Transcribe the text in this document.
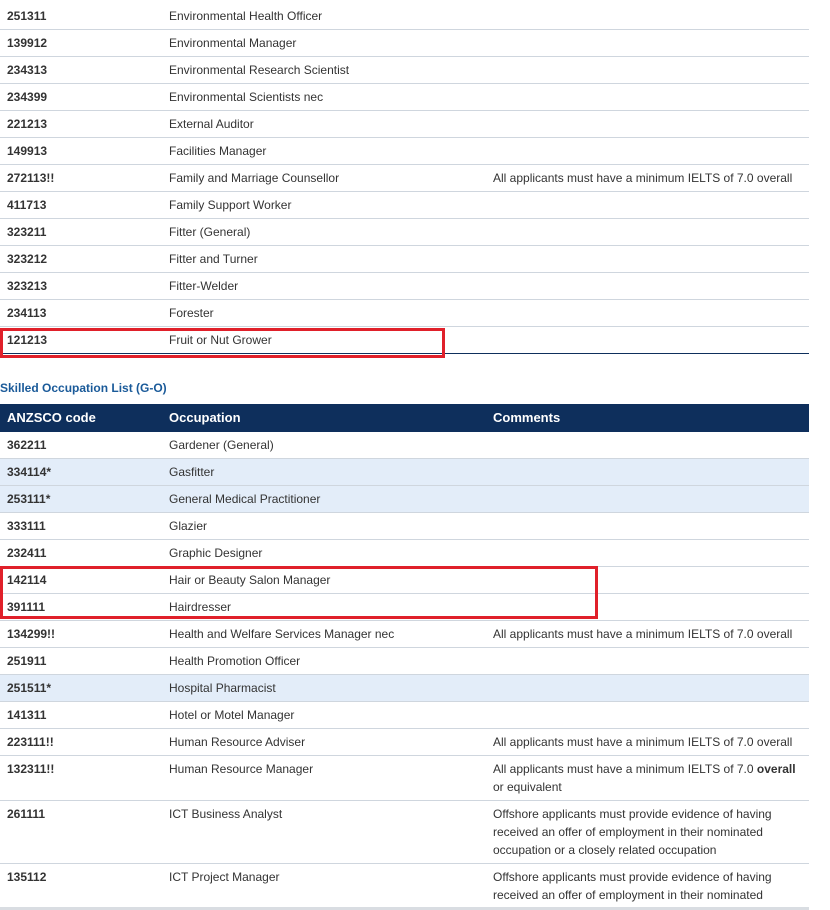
251311	Environmental Health Officer
139912	Environmental Manager
234313	Environmental Research Scientist
234399	Environmental Scientists nec
221213	External Auditor
149913	Facilities Manager
272113!!	Family and Marriage Counsellor	All applicants must have a minimum IELTS of 7.0 overall
411713	Family Support Worker
323211	Fitter (General)
323212	Fitter and Turner
323213	Fitter-Welder
234113	Forester
121213	Fruit or Nut Grower
Skilled Occupation List (G-O)
ANZSCO code	Occupation	Comments
362211	Gardener (General)
334114*	Gasfitter
253111*	General Medical Practitioner
333111	Glazier
232411	Graphic Designer
142114	Hair or Beauty Salon Manager
391111	Hairdresser
134299!!	Health and Welfare Services Manager nec	All applicants must have a minimum IELTS of 7.0 overall
251911	Health Promotion Officer
251511*	Hospital Pharmacist
141311	Hotel or Motel Manager
223111!!	Human Resource Adviser	All applicants must have a minimum IELTS of 7.0 overall
132311!!	Human Resource Manager	All applicants must have a minimum IELTS of 7.0 overall
or equivalent
261111	ICT Business Analyst	Offshore applicants must provide evidence of having received an offer of employment in their nominated occupation or a closely related occupation
135112	ICT Project Manager	Offshore applicants must provide evidence of having received an offer of employment in their nominated
